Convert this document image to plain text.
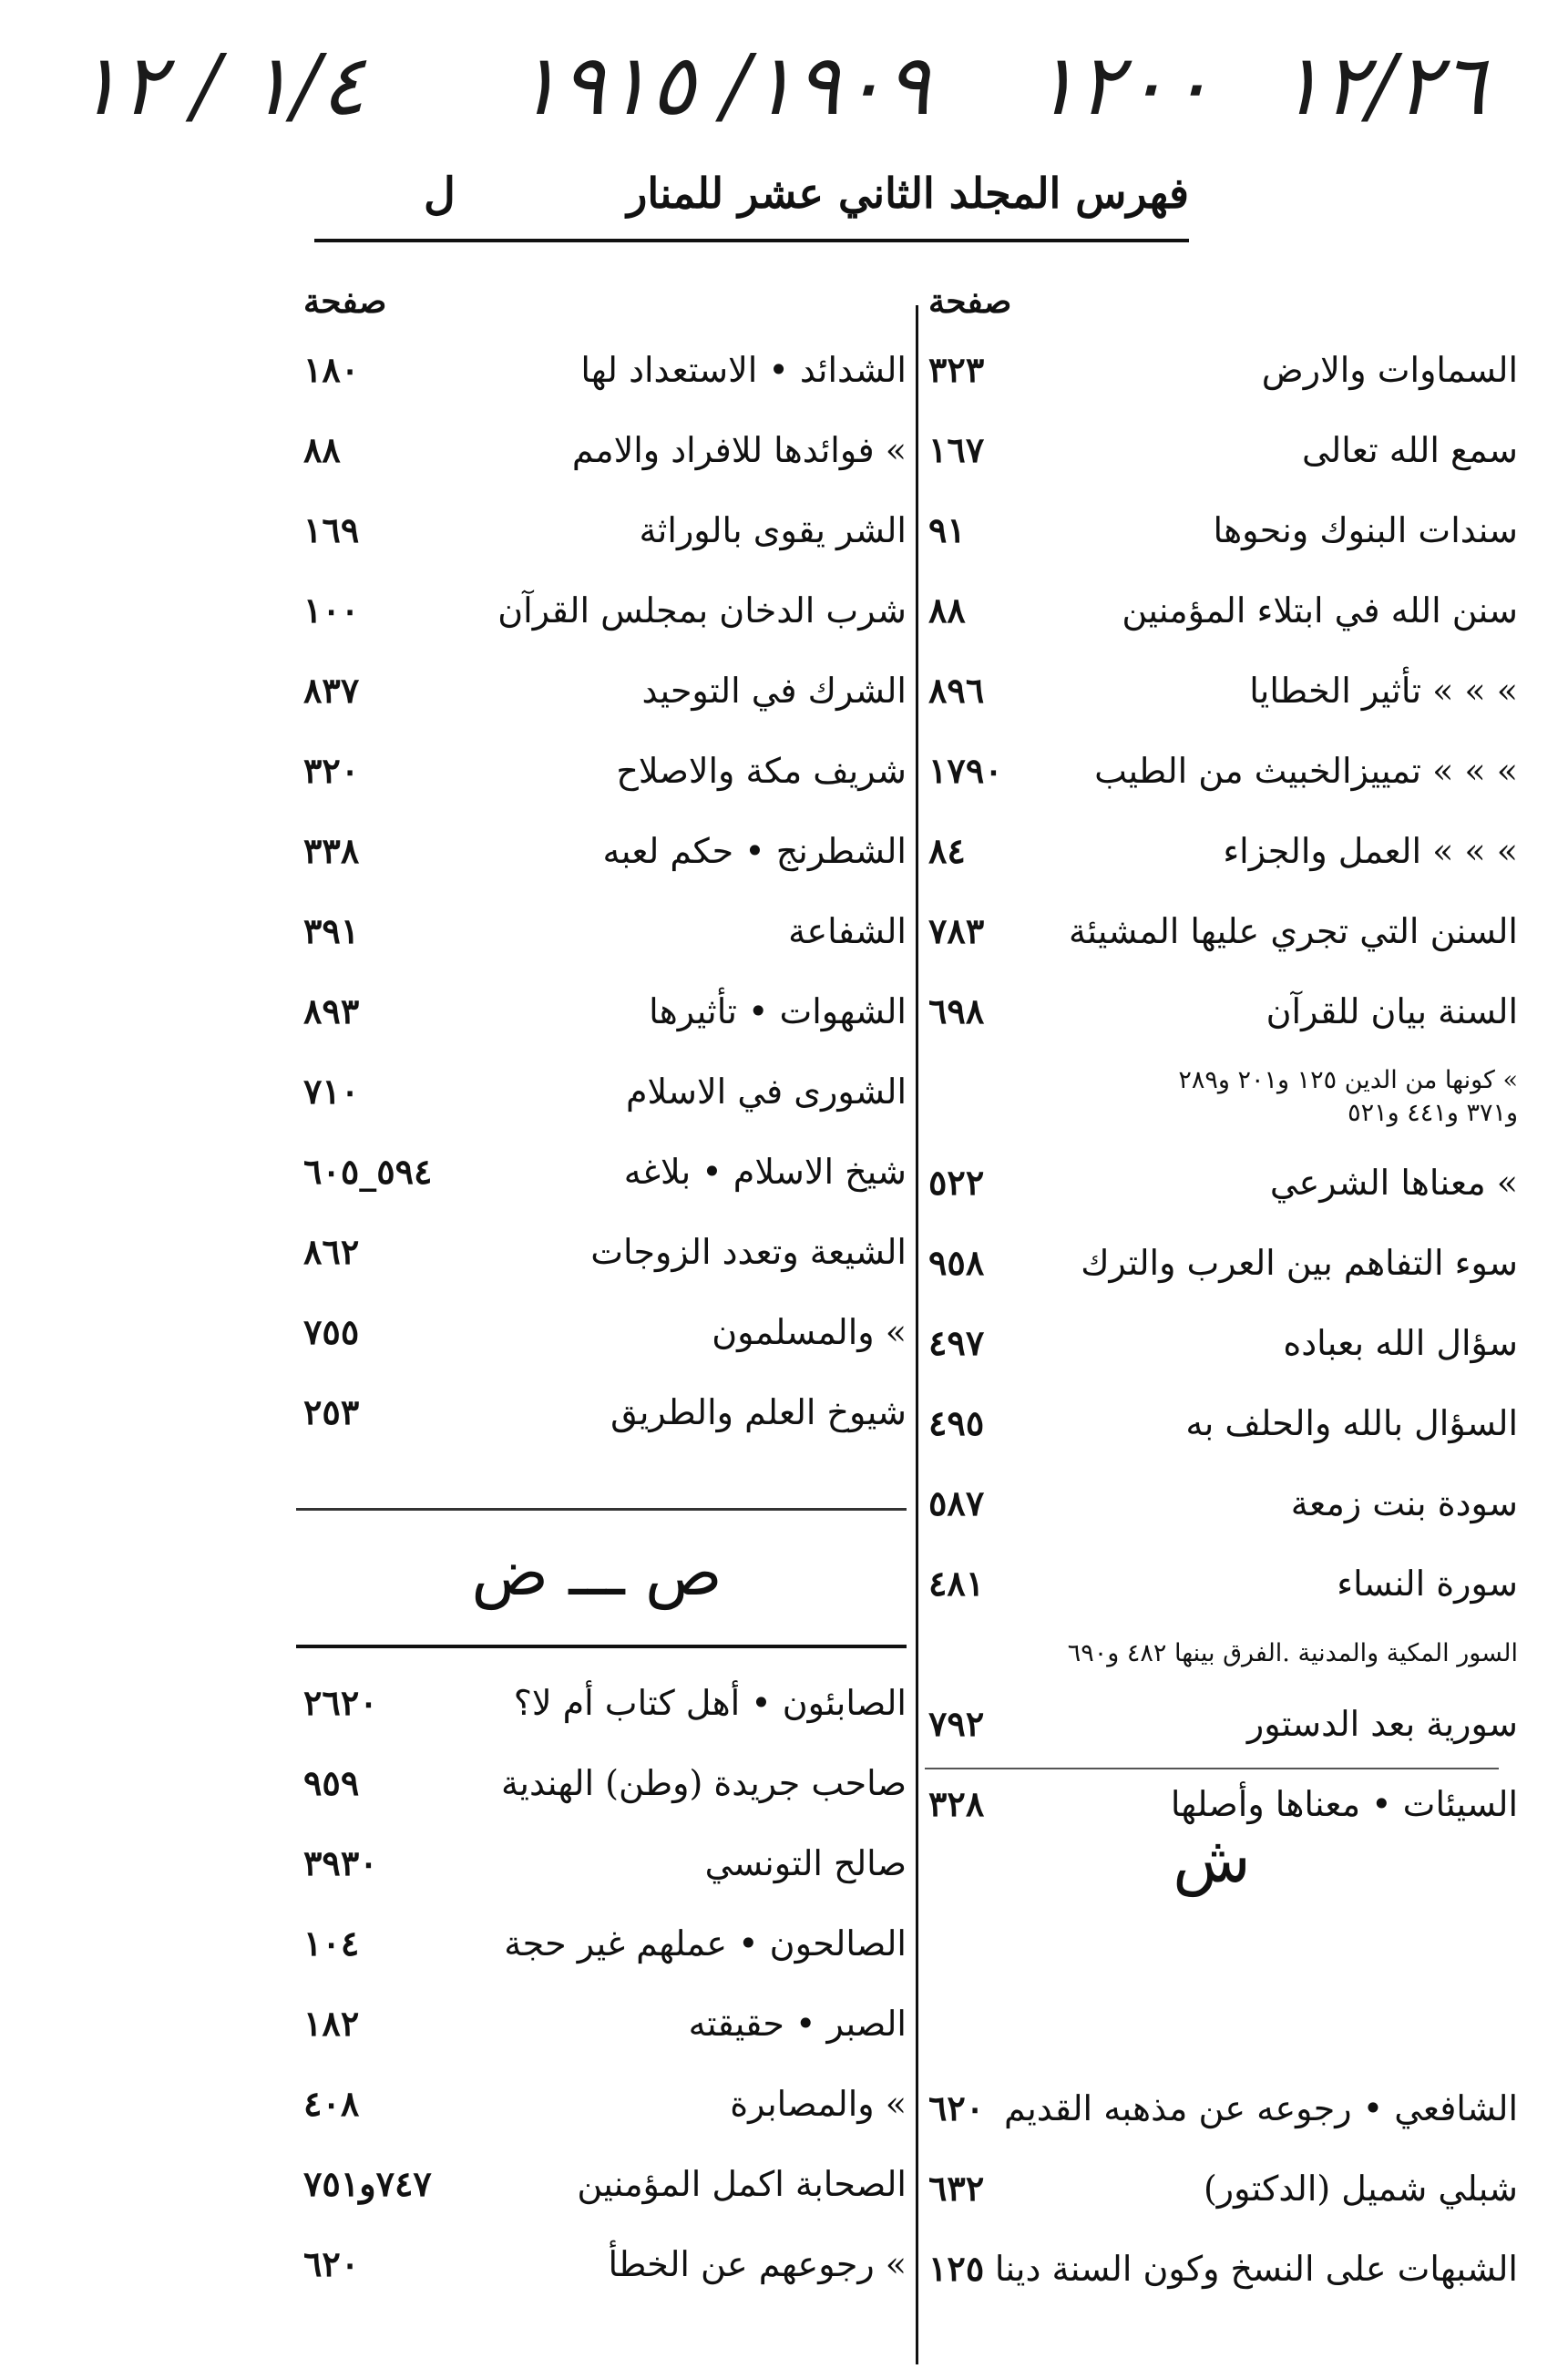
١٢/٢٦
١٢٠٠
١٩٠٩/ ١٩١٥
١/٤ / ١٢
فهرس المجلد الثاني عشر للمنار
ل
صفحة
السماوات والارض
٣٢٣
سمع الله تعالى
١٦٧
سندات البنوك ونحوها
٩١
سنن الله في ابتلاء المؤمنين
٨٨
» » » تأثير الخطايا
٨٩٦
» » » تمييزالخبيث من الطيب
١٧٩٠
» » » العمل والجزاء
٨٤
السنن التي تجري عليها المشيئة
٧٨٣
السنة بيان للقرآن
٦٩٨
» كونها من الدين ١٢٥ و٢٠١ و٢٨٩
و٣٧١ و٤٤١ و٥٢١
» معناها الشرعي
٥٢٢
سوء التفاهم بين العرب والترك
٩٥٨
سؤال الله بعباده
٤٩٧
السؤال بالله والحلف به
٤٩٥
سودة بنت زمعة
٥٨٧
سورة النساء
٤٨١
السور المكية والمدنية .الفرق بينها ٤٨٢ و٦٩٠
سورية بعد الدستور
٧٩٢
السيئات • معناها وأصلها
٣٢٨
صفحة
الشدائد • الاستعداد لها
١٨٠
» فوائدها للافراد والامم
٨٨
الشر يقوى بالوراثة
١٦٩
شرب الدخان بمجلس القرآن
١٠٠
الشرك في التوحيد
٨٣٧
شريف مكة والاصلاح
٣٢٠
الشطرنج • حكم لعبه
٣٣٨
الشفاعة
٣٩١
الشهوات • تأثيرها
٨٩٣
الشورى في الاسلام
٧١٠
شيخ الاسلام • بلاغه
٥٩٤_٦٠٥
الشيعة وتعدد الزوجات
٨٦٢
» والمسلمون
٧٥٥
شيوخ العلم والطريق
٢٥٣
ش
الشافعي • رجوعه عن مذهبه القديم
٦٢٠
شبلي شميل (الدكتور)
٦٣٢
الشبهات على النسخ وكون السنة دينا
١٢٥
ص ـــ ض
الصابئون • أهل كتاب أم لا؟
٢٦٢٠
صاحب جريدة (وطن) الهندية
٩٥٩
صالح التونسي
٣٩٣٠
الصالحون • عملهم غير حجة
١٠٤
الصبر • حقيقته
١٨٢
» والمصابرة
٤٠٨
الصحابة اكمل المؤمنين
٧٤٧و٧٥١
» رجوعهم عن الخطأ
٦٢٠
